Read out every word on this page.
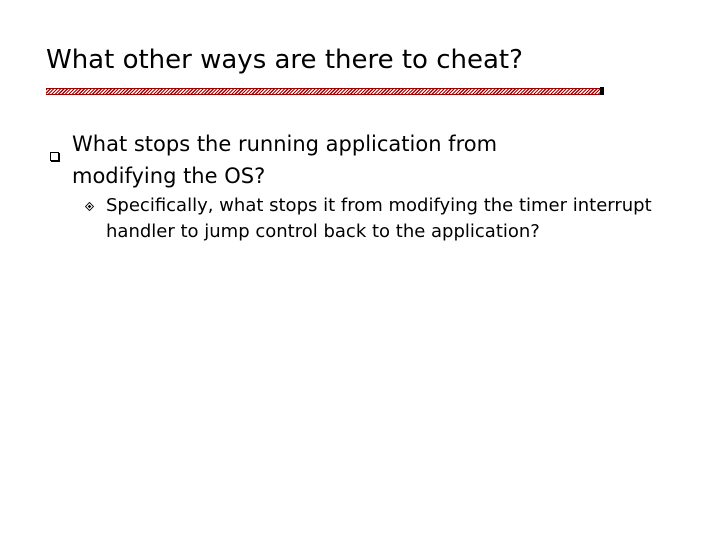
What other ways are there to cheat?
What stops the running application from modifying the OS?
Specifically, what stops it from modifying the timer interrupt handler to jump control back to the application?
